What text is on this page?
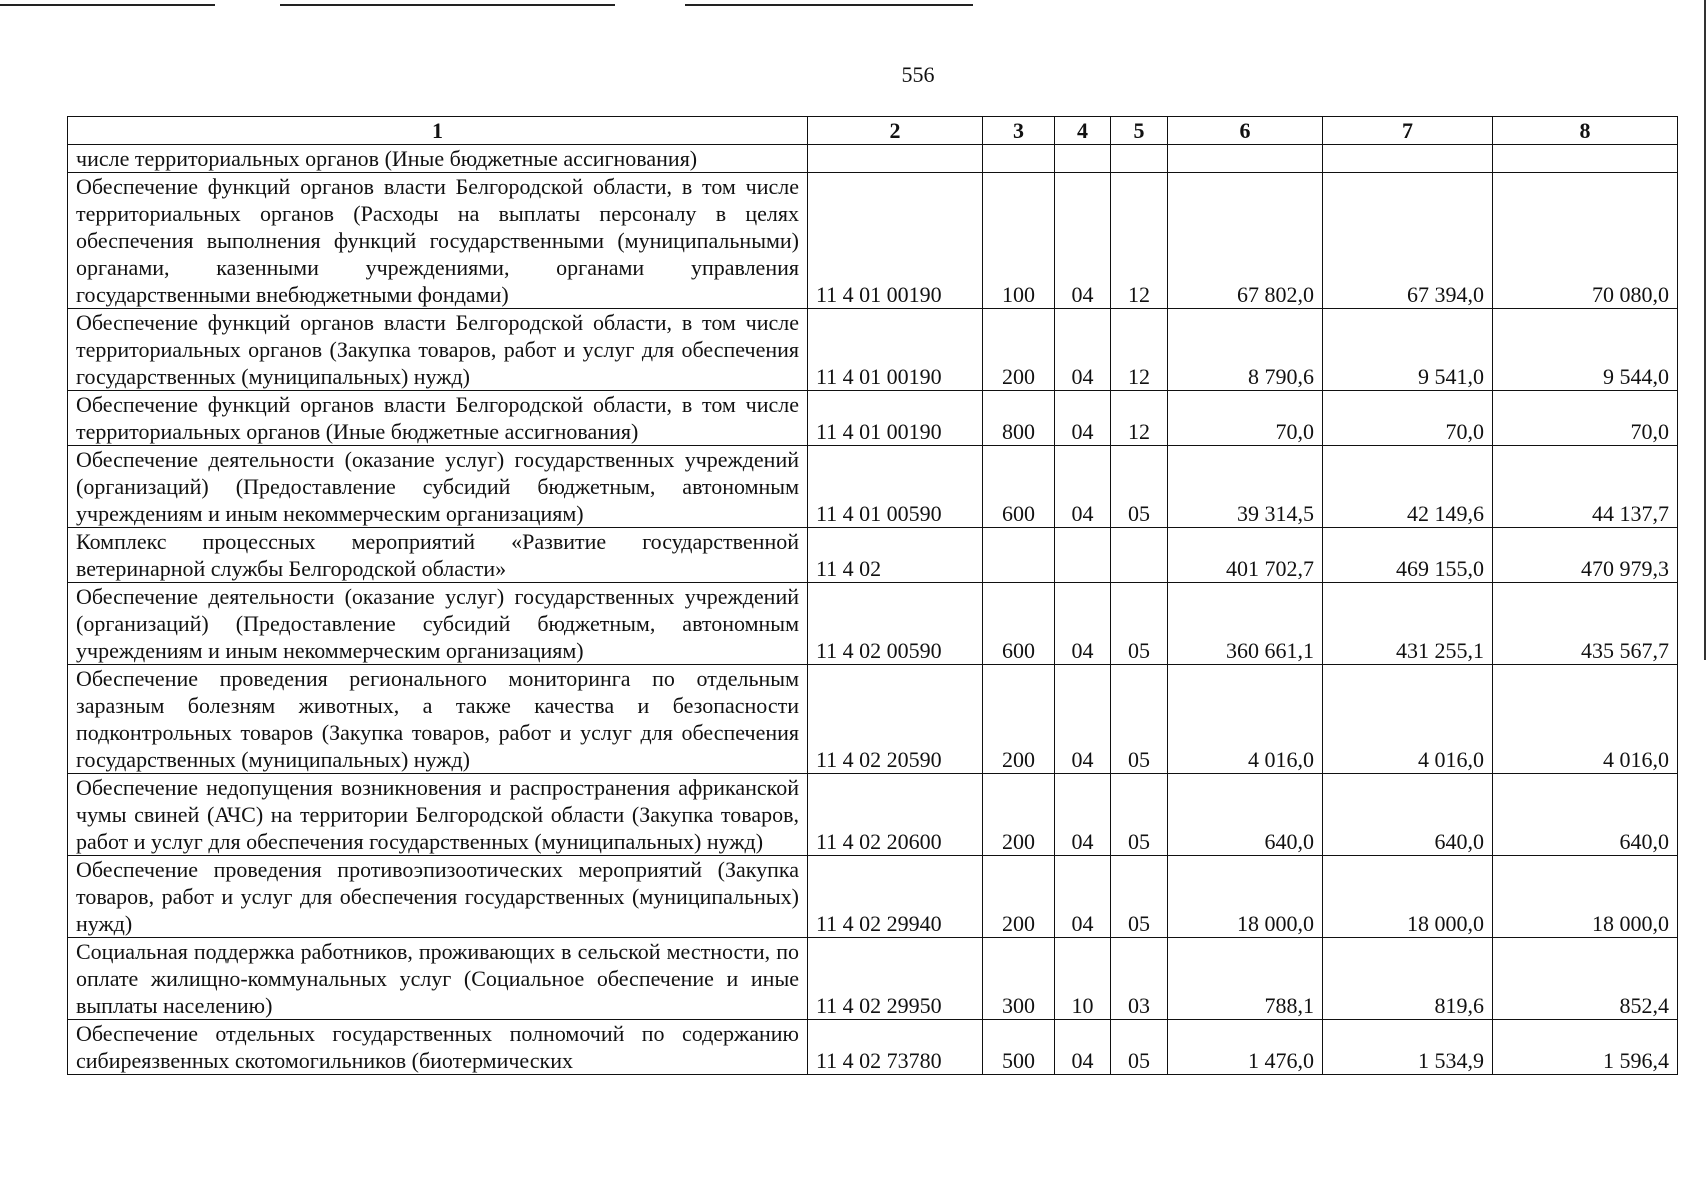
556
1	2	3	4	5	6	7	8
числе территориальных органов (Иные бюджетные ассигнования)							
Обеспечение функций органов власти Белгородской области, в том числе территориальных органов (Расходы на выплаты персоналу в целях обеспечения выполнения функций государственными (муниципальными) органами, казенными учреждениями, органами управления государственными внебюджетными фондами)	11 4 01 00190	100	04	12	67 802,0	67 394,0	70 080,0
Обеспечение функций органов власти Белгородской области, в том числе территориальных органов (Закупка товаров, работ и услуг для обеспечения государственных (муниципальных) нужд)	11 4 01 00190	200	04	12	8 790,6	9 541,0	9 544,0
Обеспечение функций органов власти Белгородской области, в том числе территориальных органов (Иные бюджетные ассигнования)	11 4 01 00190	800	04	12	70,0	70,0	70,0
Обеспечение деятельности (оказание услуг) государственных учреждений (организаций) (Предоставление субсидий бюджетным, автономным учреждениям и иным некоммерческим организациям)	11 4 01 00590	600	04	05	39 314,5	42 149,6	44 137,7
Комплекс процессных мероприятий «Развитие государственной ветеринарной службы Белгородской области»	11 4 02				401 702,7	469 155,0	470 979,3
Обеспечение деятельности (оказание услуг) государственных учреждений (организаций) (Предоставление субсидий бюджетным, автономным учреждениям и иным некоммерческим организациям)	11 4 02 00590	600	04	05	360 661,1	431 255,1	435 567,7
Обеспечение проведения регионального мониторинга по отдельным заразным болезням животных, а также качества и безопасности подконтрольных товаров (Закупка товаров, работ и услуг для обеспечения государственных (муниципальных) нужд)	11 4 02 20590	200	04	05	4 016,0	4 016,0	4 016,0
Обеспечение недопущения возникновения и распространения африканской чумы свиней (АЧС) на территории Белгородской области (Закупка товаров, работ и услуг для обеспечения государственных (муниципальных) нужд)	11 4 02 20600	200	04	05	640,0	640,0	640,0
Обеспечение проведения противоэпизоотических мероприятий (Закупка товаров, работ и услуг для обеспечения государственных (муниципальных) нужд)	11 4 02 29940	200	04	05	18 000,0	18 000,0	18 000,0
Социальная поддержка работников, проживающих в сельской местности, по оплате жилищно-коммунальных услуг (Социальное обеспечение и иные выплаты населению)	11 4 02 29950	300	10	03	788,1	819,6	852,4
Обеспечение отдельных государственных полномочий по содержанию сибиреязвенных скотомогильников (биотермических	11 4 02 73780	500	04	05	1 476,0	1 534,9	1 596,4
